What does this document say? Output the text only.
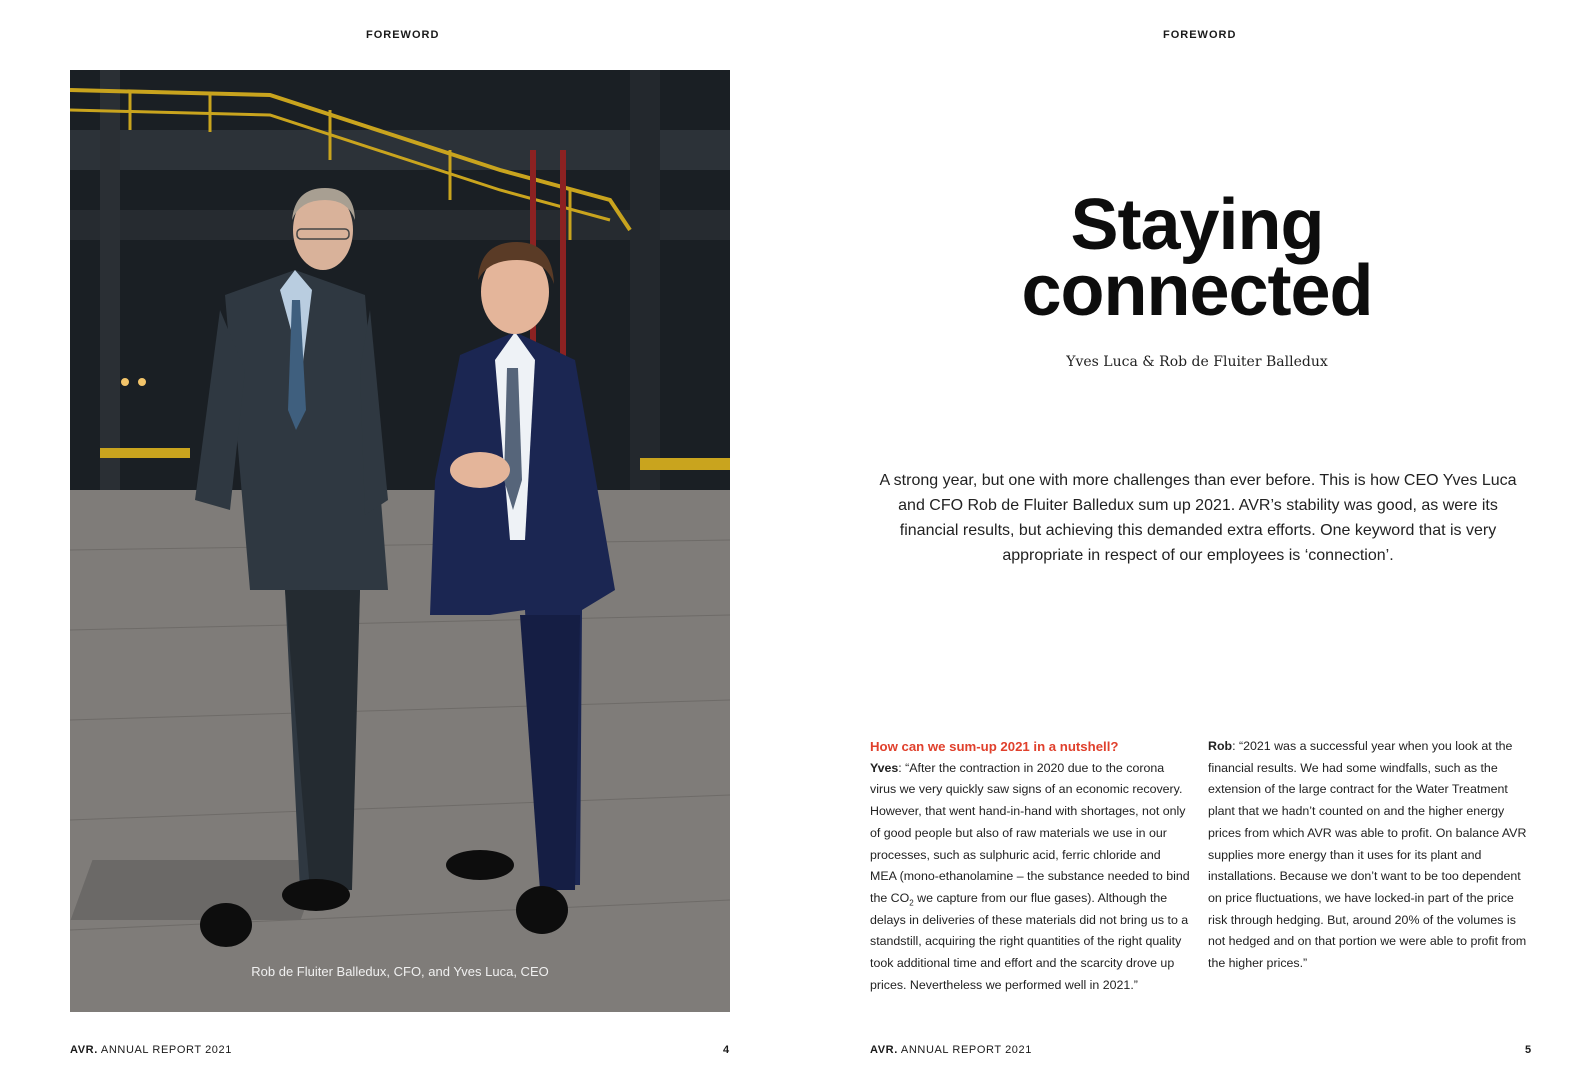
FOREWORD
Rob de Fluiter Balledux, CFO, and Yves Luca, CEO
AVR. ANNUAL REPORT 2021	4
FOREWORD
Staying
connected
Yves Luca & Rob de Fluiter Balledux
A strong year, but one with more challenges than ever before. This is how CEO Yves Luca and CFO Rob de Fluiter Balledux sum up 2021. AVR’s stability was good, as were its financial results, but achieving this demanded extra efforts. One keyword that is very appropriate in respect of our employees is ‘connection’.

How can we sum-up 2021 in a nutshell?

Yves: “After the contraction in 2020 due to the corona virus we very quickly saw signs of an economic recovery. However, that went hand-in-hand with shortages, not only of good people but also of raw materials we use in our processes, such as sulphuric acid, ferric chloride and MEA (mono-ethanolamine – the substance needed to bind the $CO_2$ we capture from our flue gases). Although the delays in deliveries of these materials did not bring us to a standstill, acquiring the right quantities of the right quality took additional time and effort and the scarcity drove up prices. Nevertheless we performed well in 2021.”

Rob: “2021 was a successful year when you look at the financial results. We had some windfalls, such as the extension of the large contract for the Water Treatment plant that we hadn’t counted on and the higher energy prices from which AVR was able to profit. On balance AVR supplies more energy than it uses for its plant and installations. Because we don’t want to be too dependent on price fluctuations, we have locked-in part of the price risk through hedging. But, around 20% of the volumes is not hedged and on that portion we were able to profit from the higher prices.”

AVR. ANNUAL REPORT 2021	5
